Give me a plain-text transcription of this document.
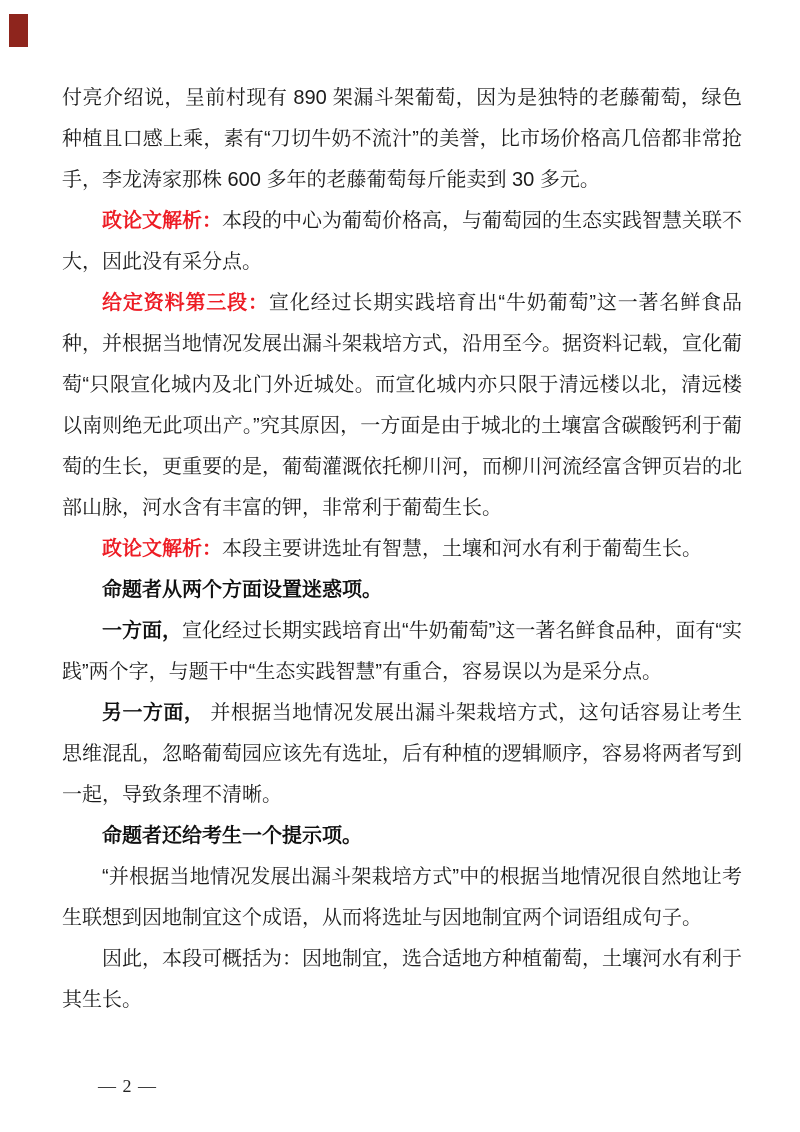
付亮介绍说，呈前村现有 890 架漏斗架葡萄，因为是独特的老藤葡萄，绿色种植且口感上乘，素有“刀切牛奶不流汁”的美誉，比市场价格高几倍都非常抢手，李龙涛家那株 600 多年的老藤葡萄每斤能卖到 30 多元。

政论文解析：本段的中心为葡萄价格高，与葡萄园的生态实践智慧关联不大，因此没有采分点。

给定资料第三段：宣化经过长期实践培育出“牛奶葡萄”这一著名鲜食品种，并根据当地情况发展出漏斗架栽培方式，沿用至今。据资料记载，宣化葡萄“只限宣化城内及北门外近城处。而宣化城内亦只限于清远楼以北，清远楼以南则绝无此项出产。”究其原因，一方面是由于城北的土壤富含碳酸钙利于葡萄的生长，更重要的是，葡萄灌溉依托柳川河，而柳川河流经富含钾页岩的北部山脉，河水含有丰富的钾，非常利于葡萄生长。

政论文解析：本段主要讲选址有智慧，土壤和河水有利于葡萄生长。

命题者从两个方面设置迷惑项。

一方面，宣化经过长期实践培育出“牛奶葡萄”这一著名鲜食品种，面有“实践”两个字，与题干中“生态实践智慧”有重合，容易误以为是采分点。

另一方面， 并根据当地情况发展出漏斗架栽培方式，这句话容易让考生思维混乱，忽略葡萄园应该先有选址，后有种植的逻辑顺序，容易将两者写到一起，导致条理不清晰。

命题者还给考生一个提示项。

“并根据当地情况发展出漏斗架栽培方式”中的根据当地情况很自然地让考生联想到因地制宜这个成语，从而将选址与因地制宜两个词语组成句子。

因此，本段可概括为：因地制宜，选合适地方种植葡萄，土壤河水有利于其生长。

— 2 —
